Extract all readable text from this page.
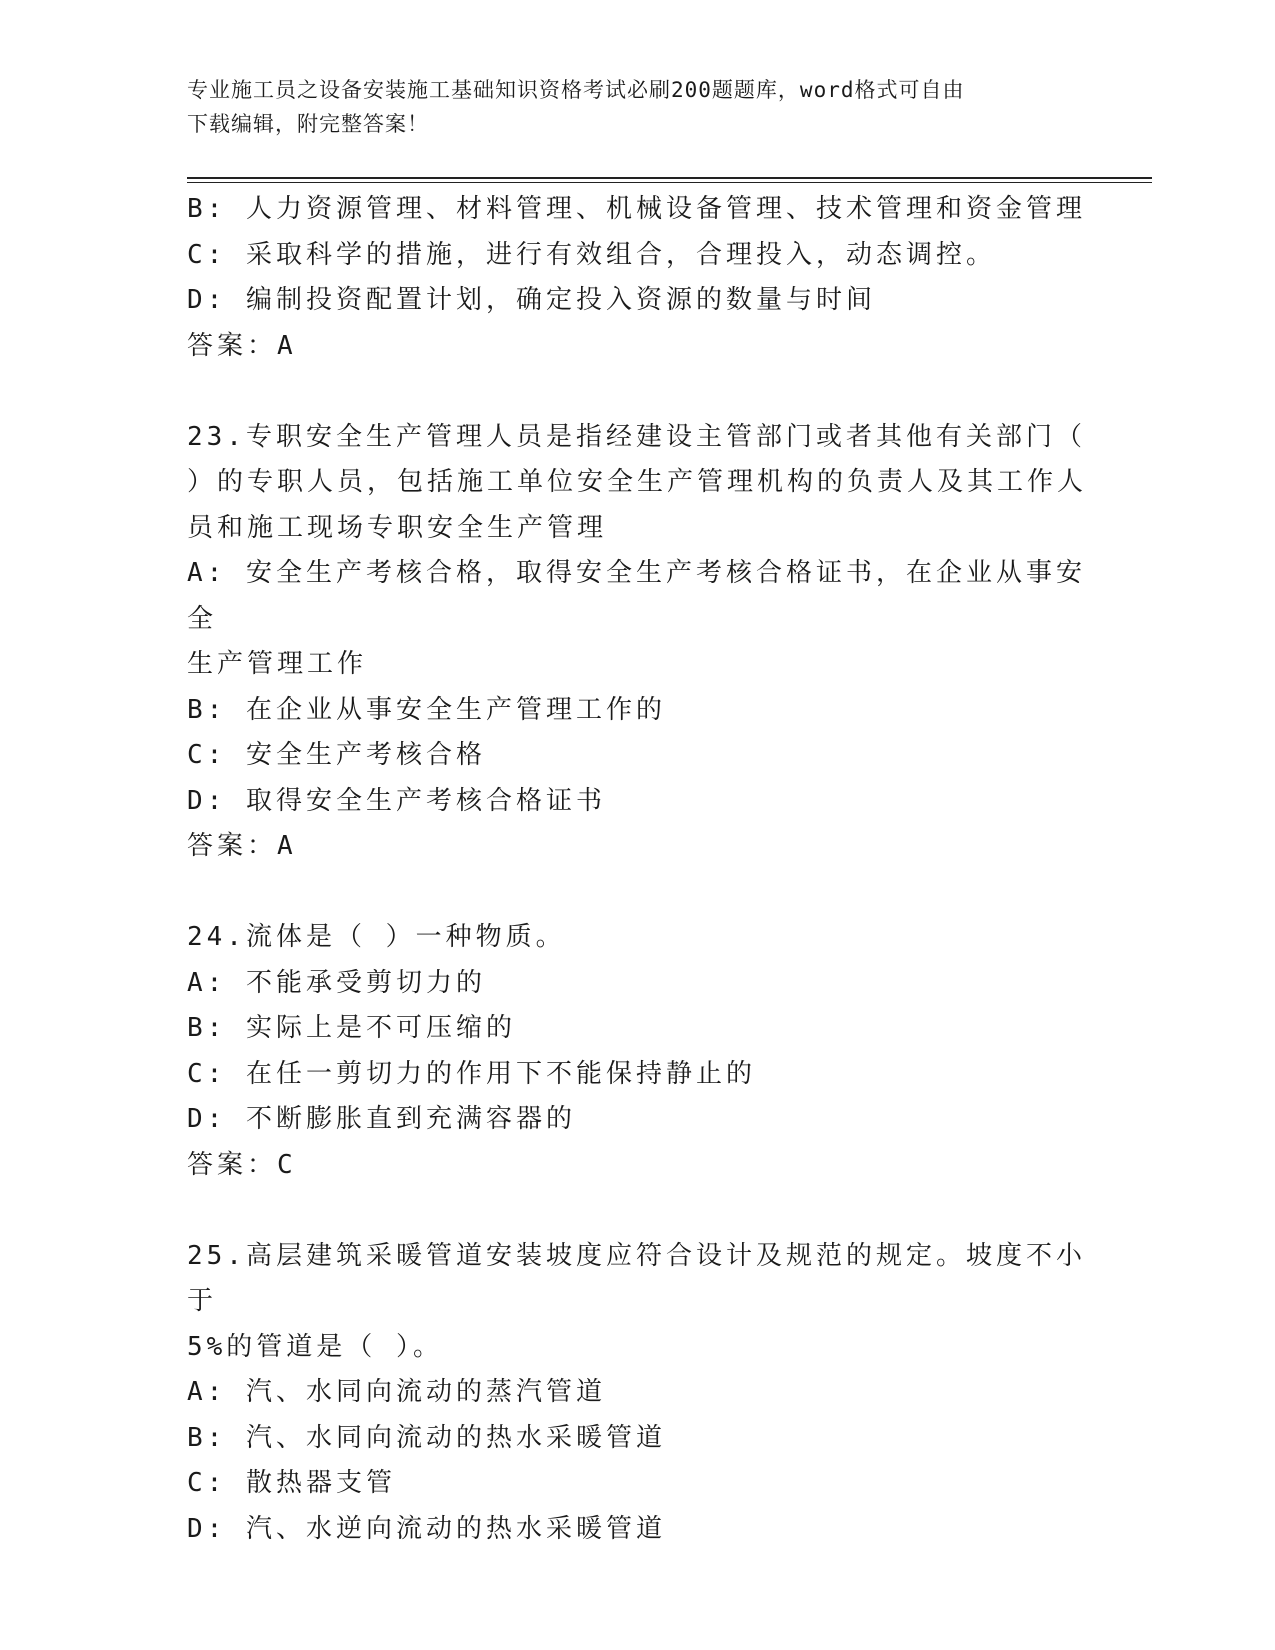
专业施工员之设备安装施工基础知识资格考试必刷200题题库，word格式可自由
下载编辑，附完整答案！
B: 人力资源管理、材料管理、机械设备管理、技术管理和资金管理
C: 采取科学的措施，进行有效组合，合理投入，动态调控。
D: 编制投资配置计划，确定投入资源的数量与时间
答案：A
23.专职安全生产管理人员是指经建设主管部门或者其他有关部门（
）的专职人员，包括施工单位安全生产管理机构的负责人及其工作人
员和施工现场专职安全生产管理
A: 安全生产考核合格，取得安全生产考核合格证书，在企业从事安全
生产管理工作
B: 在企业从事安全生产管理工作的
C: 安全生产考核合格
D: 取得安全生产考核合格证书
答案：A
24.流体是（ ）一种物质。
A: 不能承受剪切力的
B: 实际上是不可压缩的
C: 在任一剪切力的作用下不能保持静止的
D: 不断膨胀直到充满容器的
答案：C
25.高层建筑采暖管道安装坡度应符合设计及规范的规定。坡度不小于
5%的管道是（ ）。
A: 汽、水同向流动的蒸汽管道
B: 汽、水同向流动的热水采暖管道
C: 散热器支管
D: 汽、水逆向流动的热水采暖管道
